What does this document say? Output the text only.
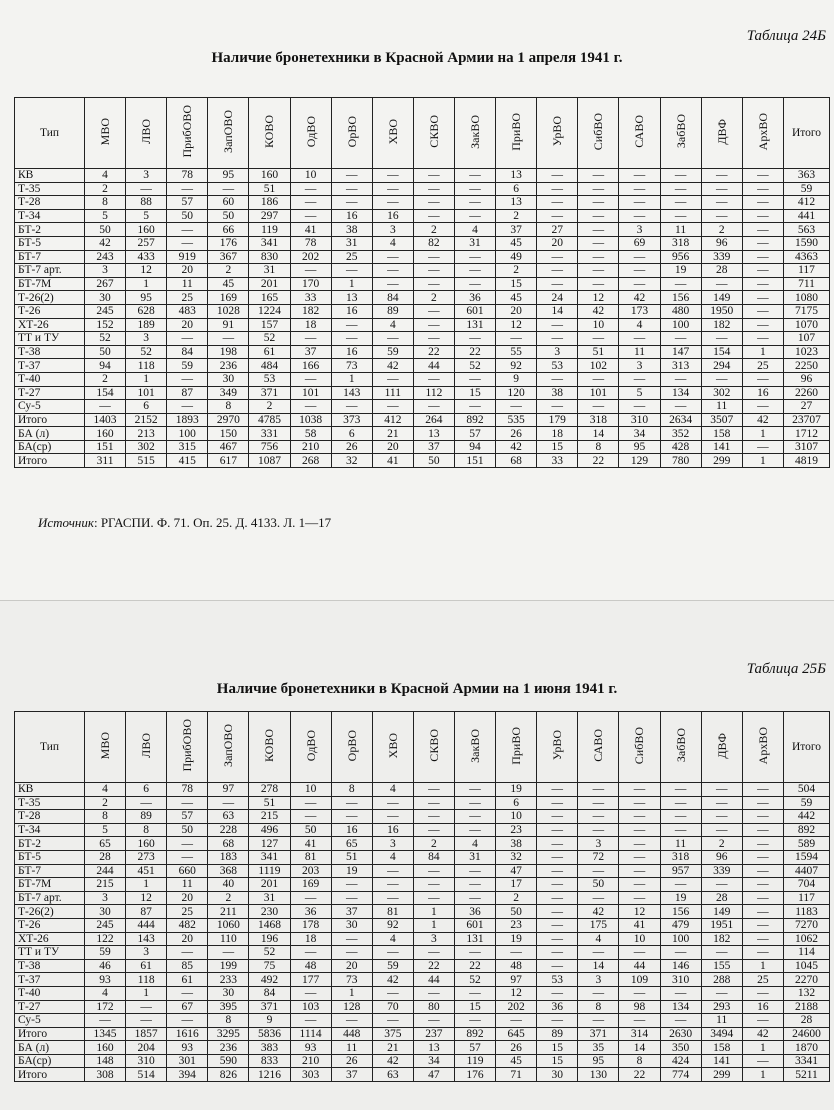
Таблица 24Б
Наличие бронетехники в Красной Армии на 1 апреля 1941 г.
Тип	МВО	ЛВО	ПрибОВО	ЗапОВО	КОВО	ОдВО	ОрВО	ХВО	СКВО	ЗакВО	ПриВО	УрВО	СибВО	САВО	ЗабВО	ДВФ	АрхВО	Итого
КВ	4	3	78	95	160	10	—	—	—	—	13	—	—	—	—	—	—	363
Т-35	2	—	—	—	51	—	—	—	—	—	6	—	—	—	—	—	—	59
Т-28	8	88	57	60	186	—	—	—	—	—	13	—	—	—	—	—	—	412
Т-34	5	5	50	50	297	—	16	16	—	—	2	—	—	—	—	—	—	441
БТ-2	50	160	—	66	119	41	38	3	2	4	37	27	—	3	11	2	—	563
БТ-5	42	257	—	176	341	78	31	4	82	31	45	20	—	69	318	96	—	1590
БТ-7	243	433	919	367	830	202	25	—	—	—	49	—	—	—	956	339	—	4363
БТ-7 арт.	3	12	20	2	31	—	—	—	—	—	2	—	—	—	19	28	—	117
БТ-7М	267	1	11	45	201	170	1	—	—	—	15	—	—	—	—	—	—	711
Т-26(2)	30	95	25	169	165	33	13	84	2	36	45	24	12	42	156	149	—	1080
Т-26	245	628	483	1028	1224	182	16	89	—	601	20	14	42	173	480	1950	—	7175
ХТ-26	152	189	20	91	157	18	—	4	—	131	12	—	10	4	100	182	—	1070
ТТ и ТУ	52	3	—	—	52	—	—	—	—	—	—	—	—	—	—	—	—	107
Т-38	50	52	84	198	61	37	16	59	22	22	55	3	51	11	147	154	1	1023
Т-37	94	118	59	236	484	166	73	42	44	52	92	53	102	3	313	294	25	2250
Т-40	2	1	—	30	53	—	1	—	—	—	9	—	—	—	—	—	—	96
Т-27	154	101	87	349	371	101	143	111	112	15	120	38	101	5	134	302	16	2260
Су-5	—	6	—	8	2	—	—	—	—	—	—	—	—	—	—	11	—	27
Итого	1403	2152	1893	2970	4785	1038	373	412	264	892	535	179	318	310	2634	3507	42	23707
БА (л)	160	213	100	150	331	58	6	21	13	57	26	18	14	34	352	158	1	1712
БА(ср)	151	302	315	467	756	210	26	20	37	94	42	15	8	95	428	141	—	3107
Итого	311	515	415	617	1087	268	32	41	50	151	68	33	22	129	780	299	1	4819
Источник: РГАСПИ. Ф. 71. Оп. 25. Д. 4133. Л. 1—17
Таблица 25Б
Наличие бронетехники в Красной Армии на 1 июня 1941 г.
Тип	МВО	ЛВО	ПрибОВО	ЗапОВО	КОВО	ОдВО	ОрВО	ХВО	СКВО	ЗакВО	ПриВО	УрВО	САВО	СибВО	ЗабВО	ДВФ	АрхВО	Итого
КВ	4	6	78	97	278	10	8	4	—	—	19	—	—	—	—	—	—	504
Т-35	2	—	—	—	51	—	—	—	—	—	6	—	—	—	—	—	—	59
Т-28	8	89	57	63	215	—	—	—	—	—	10	—	—	—	—	—	—	442
Т-34	5	8	50	228	496	50	16	16	—	—	23	—	—	—	—	—	—	892
БТ-2	65	160	—	68	127	41	65	3	2	4	38	—	3	—	11	2	—	589
БТ-5	28	273	—	183	341	81	51	4	84	31	32	—	72	—	318	96	—	1594
БТ-7	244	451	660	368	1119	203	19	—	—	—	47	—	—	—	957	339	—	4407
БТ-7М	215	1	11	40	201	169	—	—	—	—	17	—	50	—	—	—	—	704
БТ-7 арт.	3	12	20	2	31	—	—	—	—	—	2	—	—	—	19	28	—	117
Т-26(2)	30	87	25	211	230	36	37	81	1	36	50	—	42	12	156	149	—	1183
Т-26	245	444	482	1060	1468	178	30	92	1	601	23	—	175	41	479	1951	—	7270
ХТ-26	122	143	20	110	196	18	—	4	3	131	19	—	4	10	100	182	—	1062
ТТ и ТУ	59	3	—	—	52	—	—	—	—	—	—	—	—	—	—	—	—	114
Т-38	46	61	85	199	75	48	20	59	22	22	48	—	14	44	146	155	1	1045
Т-37	93	118	61	233	492	177	73	42	44	52	97	53	3	109	310	288	25	2270
Т-40	4	1	—	30	84	—	1	—	—	—	12	—	—	—	—	—	—	132
Т-27	172	—	67	395	371	103	128	70	80	15	202	36	8	98	134	293	16	2188
Су-5	—	—	—	8	9	—	—	—	—	—	—	—	—	—	—	11	—	28
Итого	1345	1857	1616	3295	5836	1114	448	375	237	892	645	89	371	314	2630	3494	42	24600
БА (л)	160	204	93	236	383	93	11	21	13	57	26	15	35	14	350	158	1	1870
БА(ср)	148	310	301	590	833	210	26	42	34	119	45	15	95	8	424	141	—	3341
Итого	308	514	394	826	1216	303	37	63	47	176	71	30	130	22	774	299	1	5211
